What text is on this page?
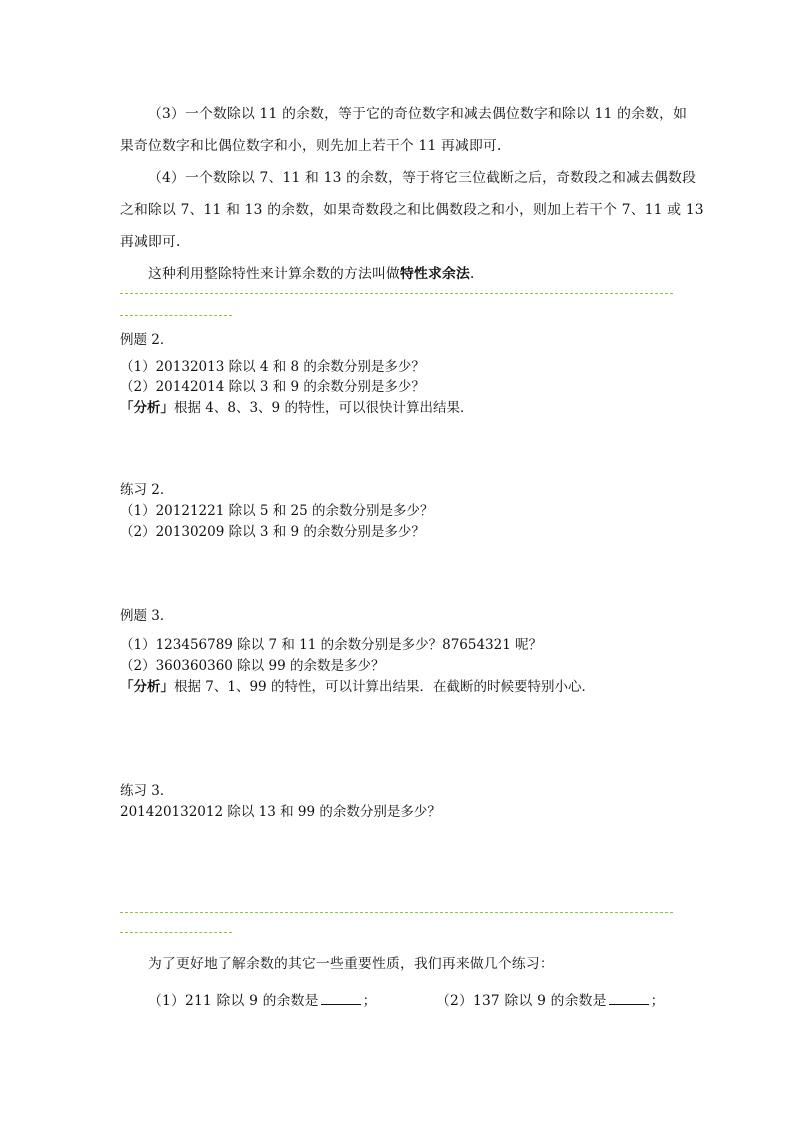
（3）一个数除以 11 的余数，等于它的奇位数字和减去偶位数字和除以 11 的余数，如
果奇位数字和比偶位数字和小，则先加上若干个 11 再减即可．
（4）一个数除以 7、11 和 13 的余数，等于将它三位截断之后，奇数段之和减去偶数段
之和除以 7、11 和 13 的余数，如果奇数段之和比偶数段之和小，则加上若干个 7、11 或 13
再减即可．
这种利用整除特性来计算余数的方法叫做特性求余法．
例题 2．
（1）20132013 除以 4 和 8 的余数分别是多少？
（2）20142014 除以 3 和 9 的余数分别是多少？
「分析」根据 4、8、3、9 的特性，可以很快计算出结果．
练习 2．
（1）20121221 除以 5 和 25 的余数分别是多少？
（2）20130209 除以 3 和 9 的余数分别是多少？
例题 3．
（1）123456789 除以 7 和 11 的余数分别是多少？87654321 呢？
（2）360360360 除以 99 的余数是多少？
「分析」根据 7、1、99 的特性，可以计算出结果．在截断的时候要特别小心．
练习 3．
201420132012 除以 13 和 99 的余数分别是多少？
为了更好地了解余数的其它一些重要性质，我们再来做几个练习：
（1）211 除以 9 的余数是	；	（2）137 除以 9 的余数是	；
